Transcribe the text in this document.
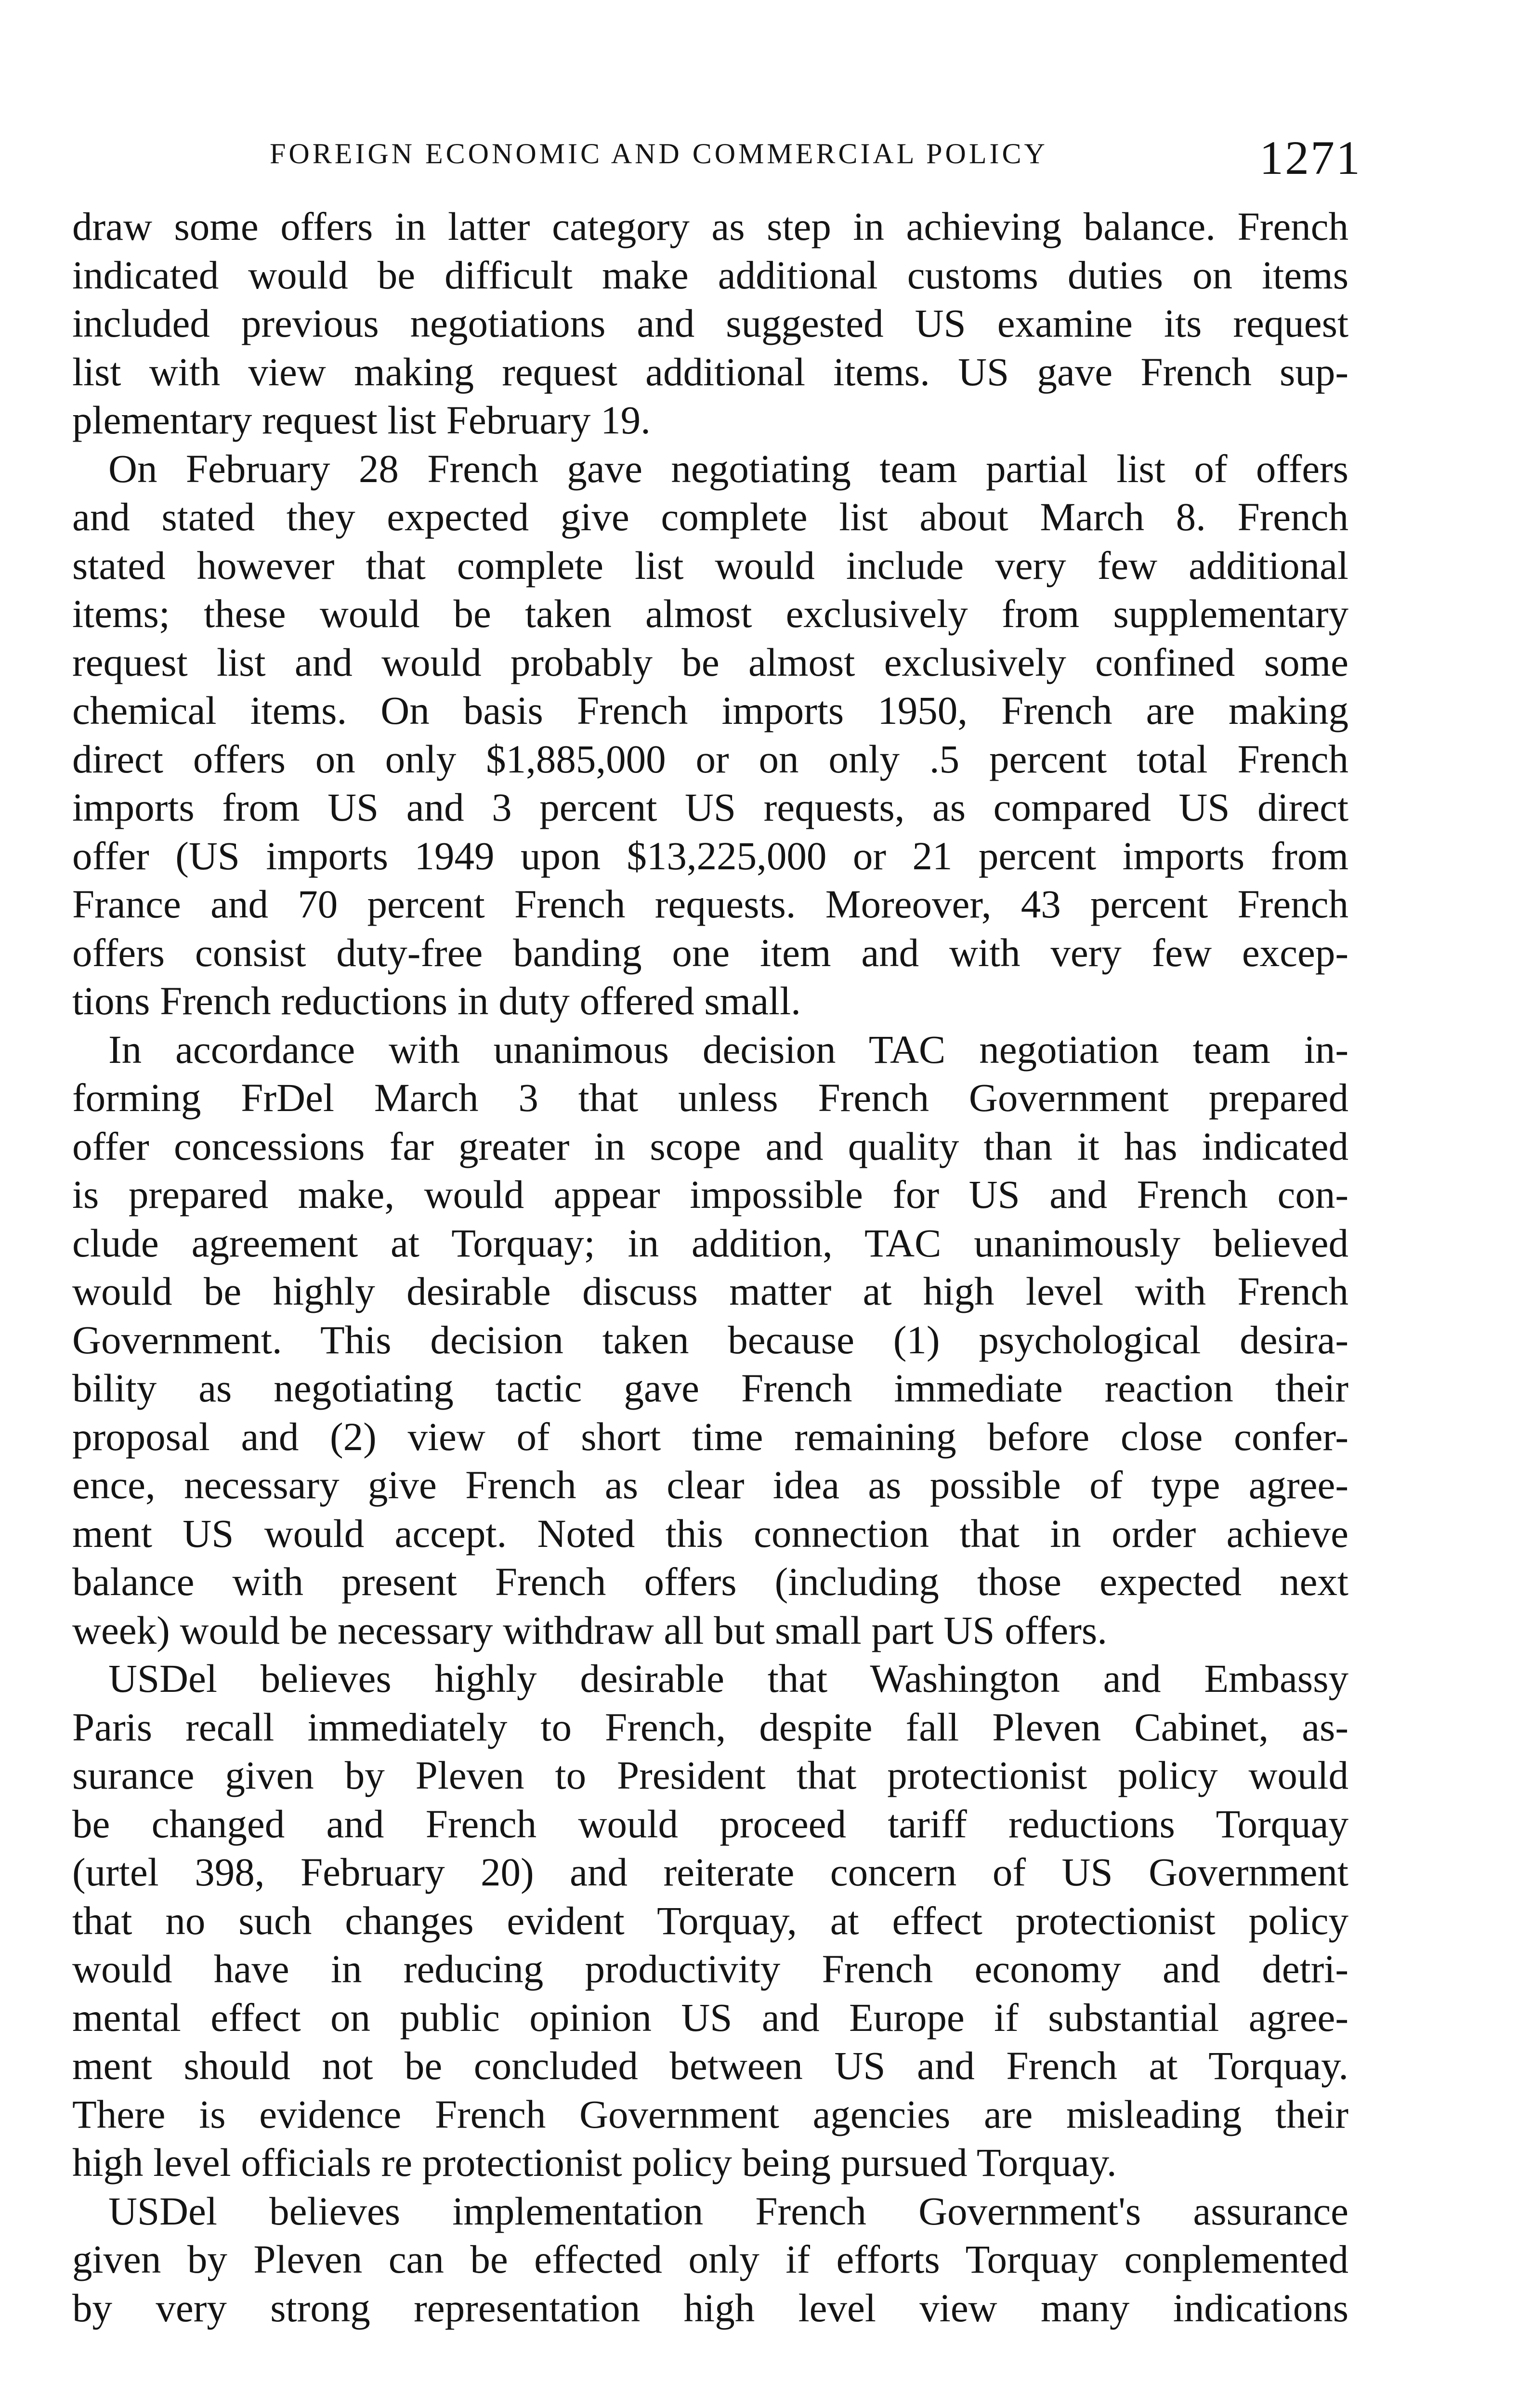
FOREIGN ECONOMIC AND COMMERCIAL POLICY	1271
draw some offers in latter category as step in achieving balance. French
indicated would be difficult make additional customs duties on items
included previous negotiations and suggested US examine its request
list with view making request additional items. US gave French sup-
plementary request list February 19.
On February 28 French gave negotiating team partial list of offers
and stated they expected give complete list about March 8. French
stated however that complete list would include very few additional
items; these would be taken almost exclusively from supplementary
request list and would probably be almost exclusively confined some
chemical items. On basis French imports 1950, French are making
direct offers on only $1,885,000 or on only .5 percent total French
imports from US and 3 percent US requests, as compared US direct
offer (US imports 1949 upon $13,225,000 or 21 percent imports from
France and 70 percent French requests. Moreover, 43 percent French
offers consist duty-free banding one item and with very few excep-
tions French reductions in duty offered small.
In accordance with unanimous decision TAC negotiation team in-
forming FrDel March 3 that unless French Government prepared
offer concessions far greater in scope and quality than it has indicated
is prepared make, would appear impossible for US and French con-
clude agreement at Torquay; in addition, TAC unanimously believed
would be highly desirable discuss matter at high level with French
Government. This decision taken because (1) psychological desira-
bility as negotiating tactic gave French immediate reaction their
proposal and (2) view of short time remaining before close confer-
ence, necessary give French as clear idea as possible of type agree-
ment US would accept. Noted this connection that in order achieve
balance with present French offers (including those expected next
week) would be necessary withdraw all but small part US offers.
USDel believes highly desirable that Washington and Embassy
Paris recall immediately to French, despite fall Pleven Cabinet, as-
surance given by Pleven to President that protectionist policy would
be changed and French would proceed tariff reductions Torquay
(urtel 398, February 20) and reiterate concern of US Government
that no such changes evident Torquay, at effect protectionist policy
would have in reducing productivity French economy and detri-
mental effect on public opinion US and Europe if substantial agree-
ment should not be concluded between US and French at Torquay.
There is evidence French Government agencies are misleading their
high level officials re protectionist policy being pursued Torquay.
USDel believes implementation French Government's assurance
given by Pleven can be effected only if efforts Torquay conplemented
by very strong representation high level view many indications
